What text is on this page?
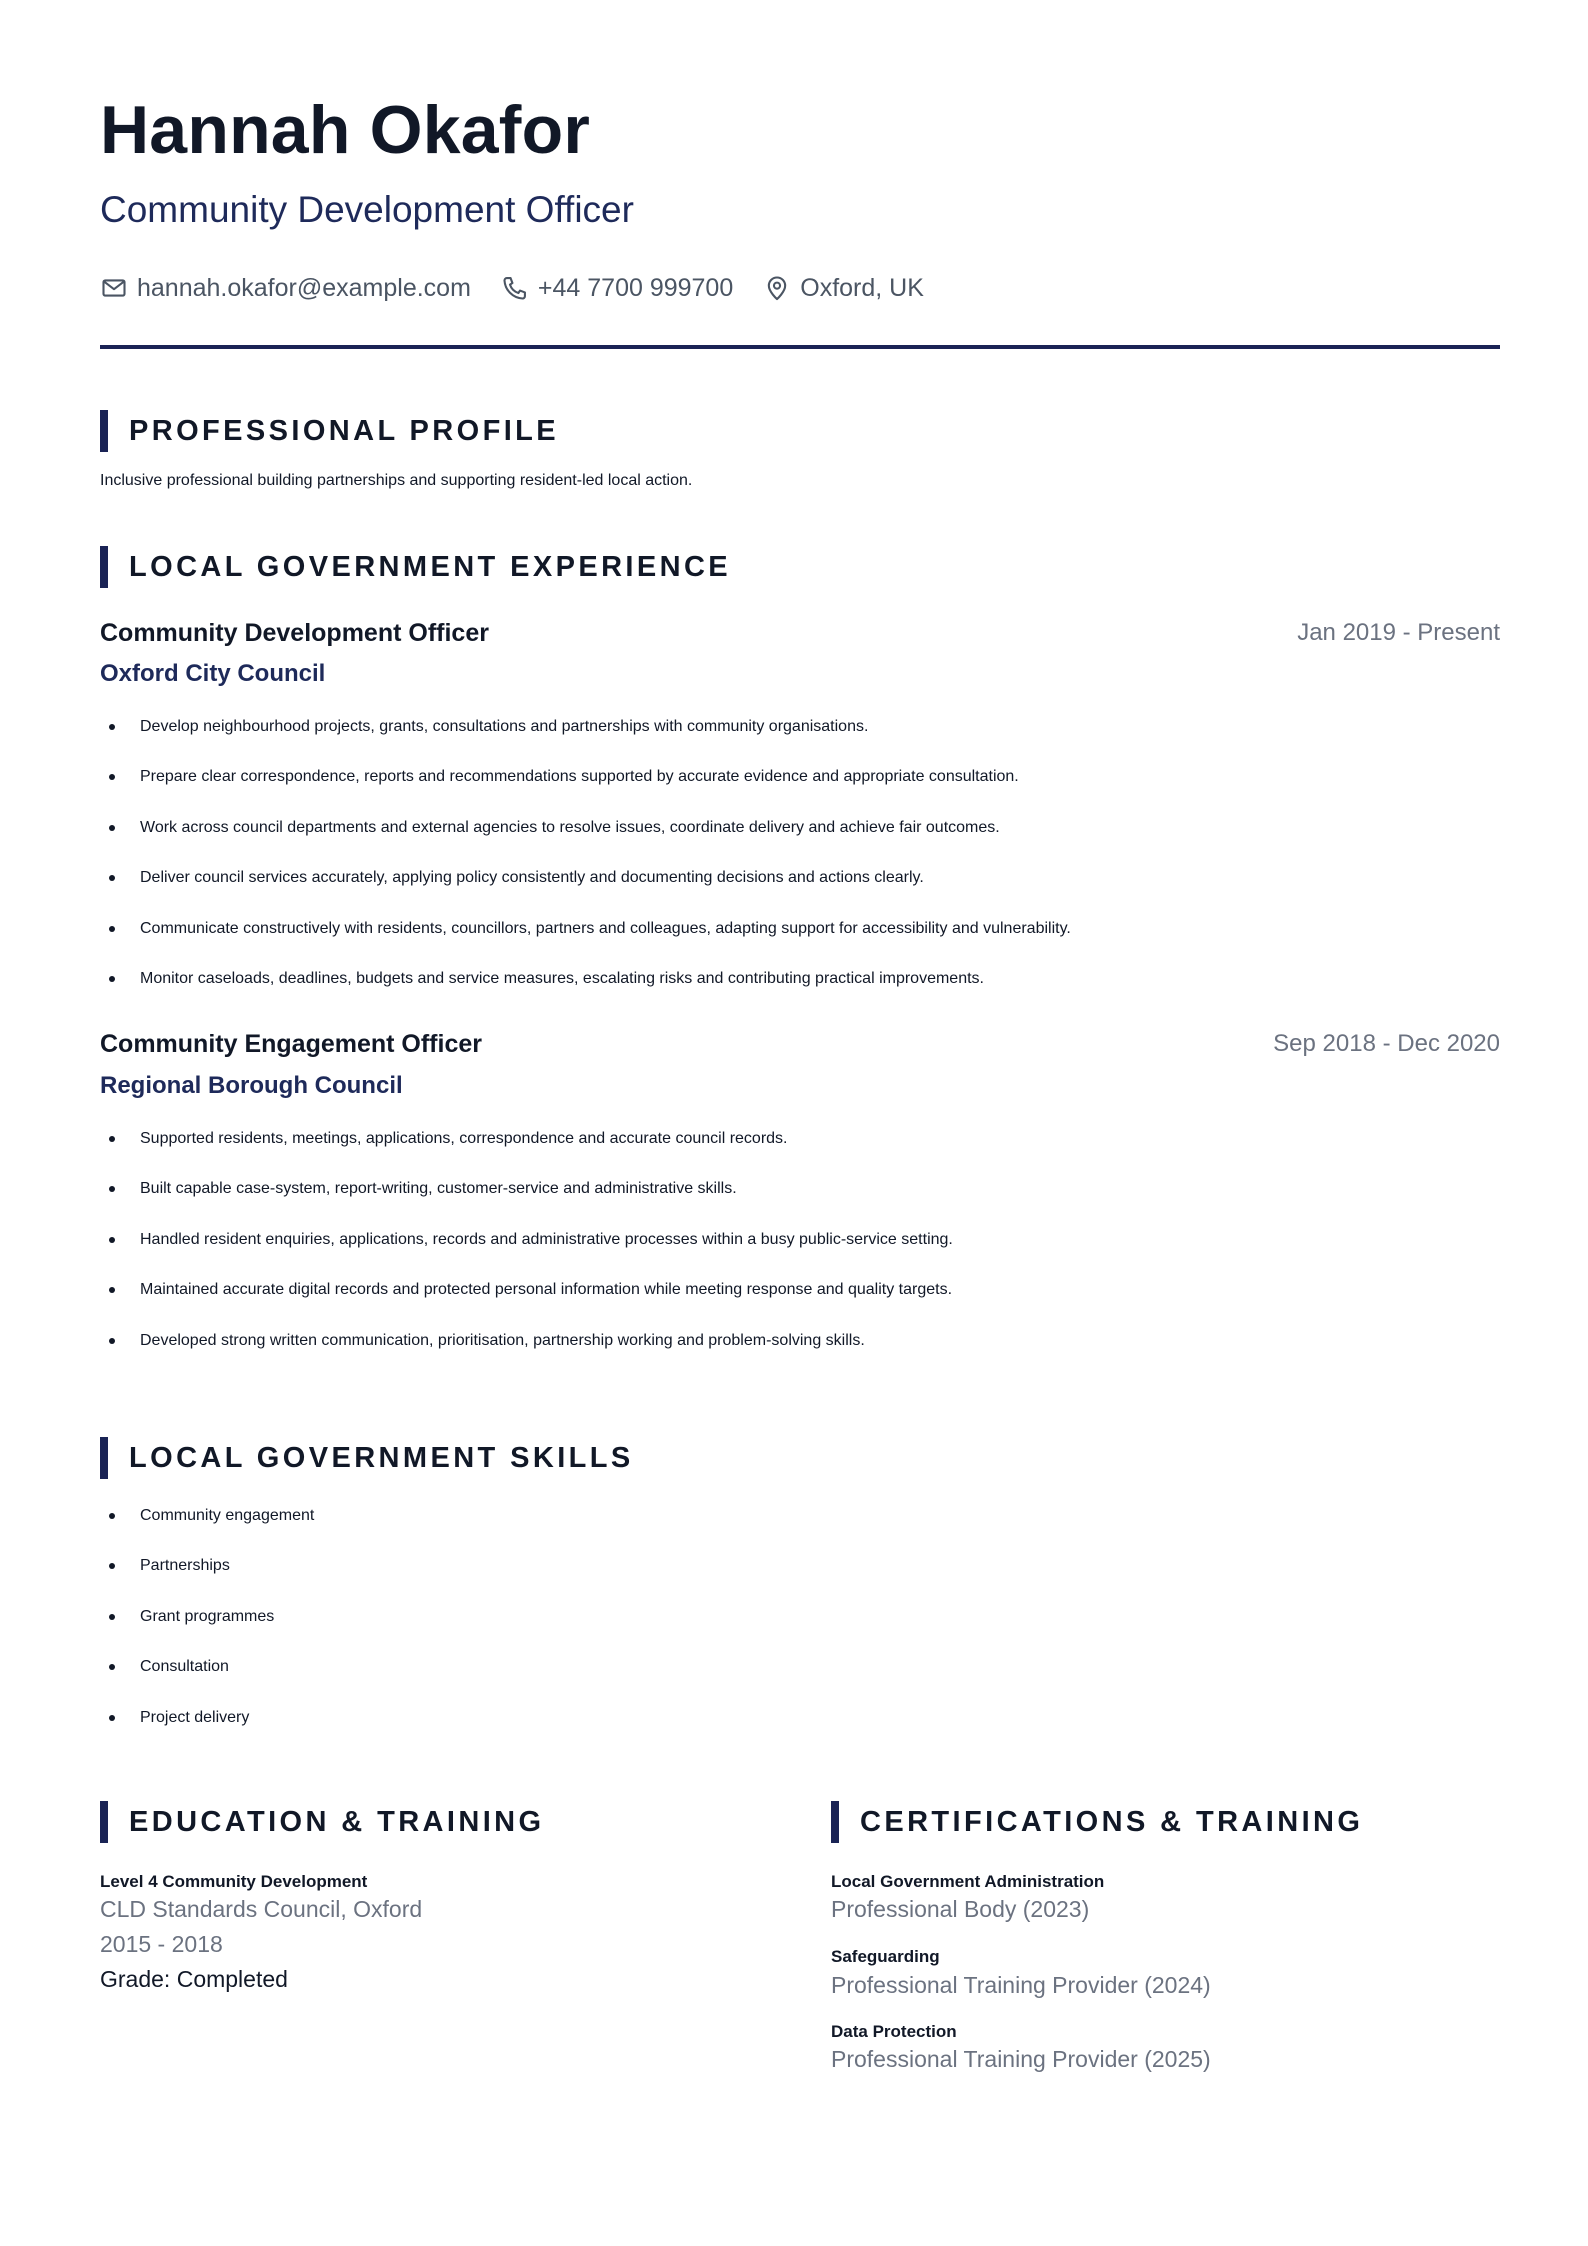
Hannah Okafor
Community Development Officer
hannah.okafor@example.com	+44 7700 999700	Oxford, UK
PROFESSIONAL PROFILE

Inclusive professional building partnerships and supporting resident-led local action.

LOCAL GOVERNMENT EXPERIENCE
Community Development Officer	Jan 2019 - Present
Oxford City Council
Develop neighbourhood projects, grants, consultations and partnerships with community organisations.
Prepare clear correspondence, reports and recommendations supported by accurate evidence and appropriate consultation.
Work across council departments and external agencies to resolve issues, coordinate delivery and achieve fair outcomes.
Deliver council services accurately, applying policy consistently and documenting decisions and actions clearly.
Communicate constructively with residents, councillors, partners and colleagues, adapting support for accessibility and vulnerability.
Monitor caseloads, deadlines, budgets and service measures, escalating risks and contributing practical improvements.
Community Engagement Officer	Sep 2018 - Dec 2020
Regional Borough Council
Supported residents, meetings, applications, correspondence and accurate council records.
Built capable case-system, report-writing, customer-service and administrative skills.
Handled resident enquiries, applications, records and administrative processes within a busy public-service setting.
Maintained accurate digital records and protected personal information while meeting response and quality targets.
Developed strong written communication, prioritisation, partnership working and problem-solving skills.
LOCAL GOVERNMENT SKILLS
Community engagement
Partnerships
Grant programmes
Consultation
Project delivery
EDUCATION & TRAINING
Level 4 Community Development
CLD Standards Council, Oxford
2015 - 2018
Grade: Completed
CERTIFICATIONS & TRAINING
Local Government Administration
Professional Body (2023)
Safeguarding
Professional Training Provider (2024)
Data Protection
Professional Training Provider (2025)
